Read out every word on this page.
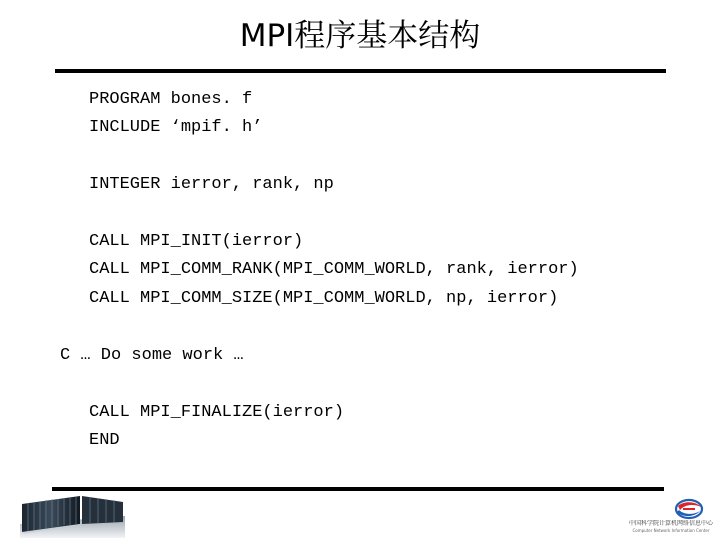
MPI程序基本结构
PROGRAM bones. f
INCLUDE ‘mpif. h’
INTEGER ierror, rank, np
CALL MPI_INIT(ierror)
CALL MPI_COMM_RANK(MPI_COMM_WORLD, rank, ierror)
CALL MPI_COMM_SIZE(MPI_COMM_WORLD, np, ierror)
C … Do some work …
CALL MPI_FINALIZE(ierror)
END
中国科学院计算机网络信息中心
Computer Network Information Center
